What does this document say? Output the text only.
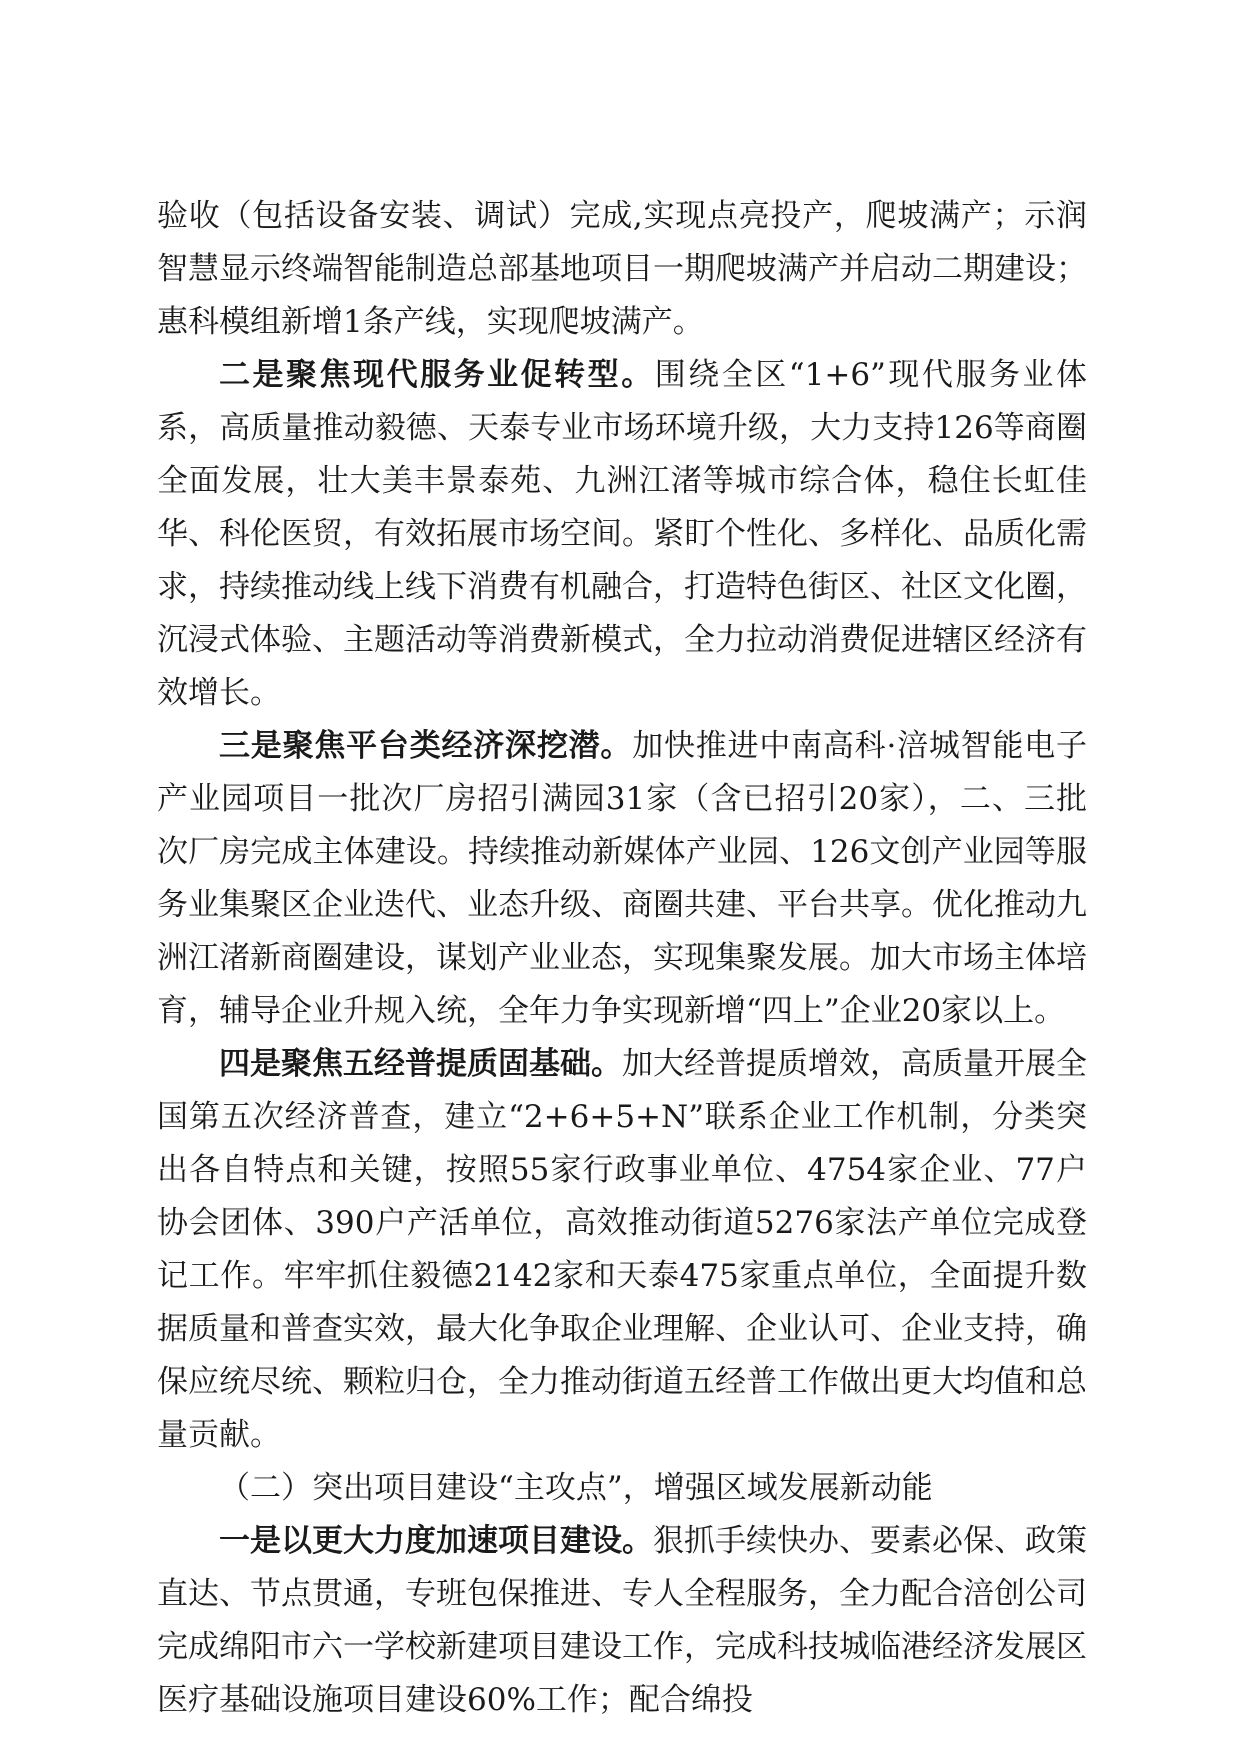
验收（包括设备安装、调试）完成,实现点亮投产，爬坡满产；示润智慧显示终端智能制造总部基地项目一期爬坡满产并启动二期建设；惠科模组新增1条产线，实现爬坡满产。

二是聚焦现代服务业促转型。围绕全区“1+6”现代服务业体系，高质量推动毅德、天泰专业市场环境升级，大力支持126等商圈全面发展，壮大美丰景泰苑、九洲江渚等城市综合体，稳住长虹佳华、科伦医贸，有效拓展市场空间。紧盯个性化、多样化、品质化需求，持续推动线上线下消费有机融合，打造特色街区、社区文化圈，沉浸式体验、主题活动等消费新模式，全力拉动消费促进辖区经济有效增长。

三是聚焦平台类经济深挖潜。加快推进中南高科·涪城智能电子产业园项目一批次厂房招引满园31家（含已招引20家），二、三批次厂房完成主体建设。持续推动新媒体产业园、126文创产业园等服务业集聚区企业迭代、业态升级、商圈共建、平台共享。优化推动九洲江渚新商圈建设，谋划产业业态，实现集聚发展。加大市场主体培育，辅导企业升规入统，全年力争实现新增“四上”企业20家以上。

四是聚焦五经普提质固基础。加大经普提质增效，高质量开展全国第五次经济普查，建立“2+6+5+N”联系企业工作机制，分类突出各自特点和关键，按照55家行政事业单位、4754家企业、77户协会团体、390户产活单位，高效推动街道5276家法产单位完成登记工作。牢牢抓住毅德2142家和天泰475家重点单位，全面提升数据质量和普查实效，最大化争取企业理解、企业认可、企业支持，确保应统尽统、颗粒归仓，全力推动街道五经普工作做出更大均值和总量贡献。

（二）突出项目建设“主攻点”，增强区域发展新动能

一是以更大力度加速项目建设。狠抓手续快办、要素必保、政策直达、节点贯通，专班包保推进、专人全程服务，全力配合涪创公司完成绵阳市六一学校新建项目建设工作，完成科技城临港经济发展区医疗基础设施项目建设60%工作；配合绵投
